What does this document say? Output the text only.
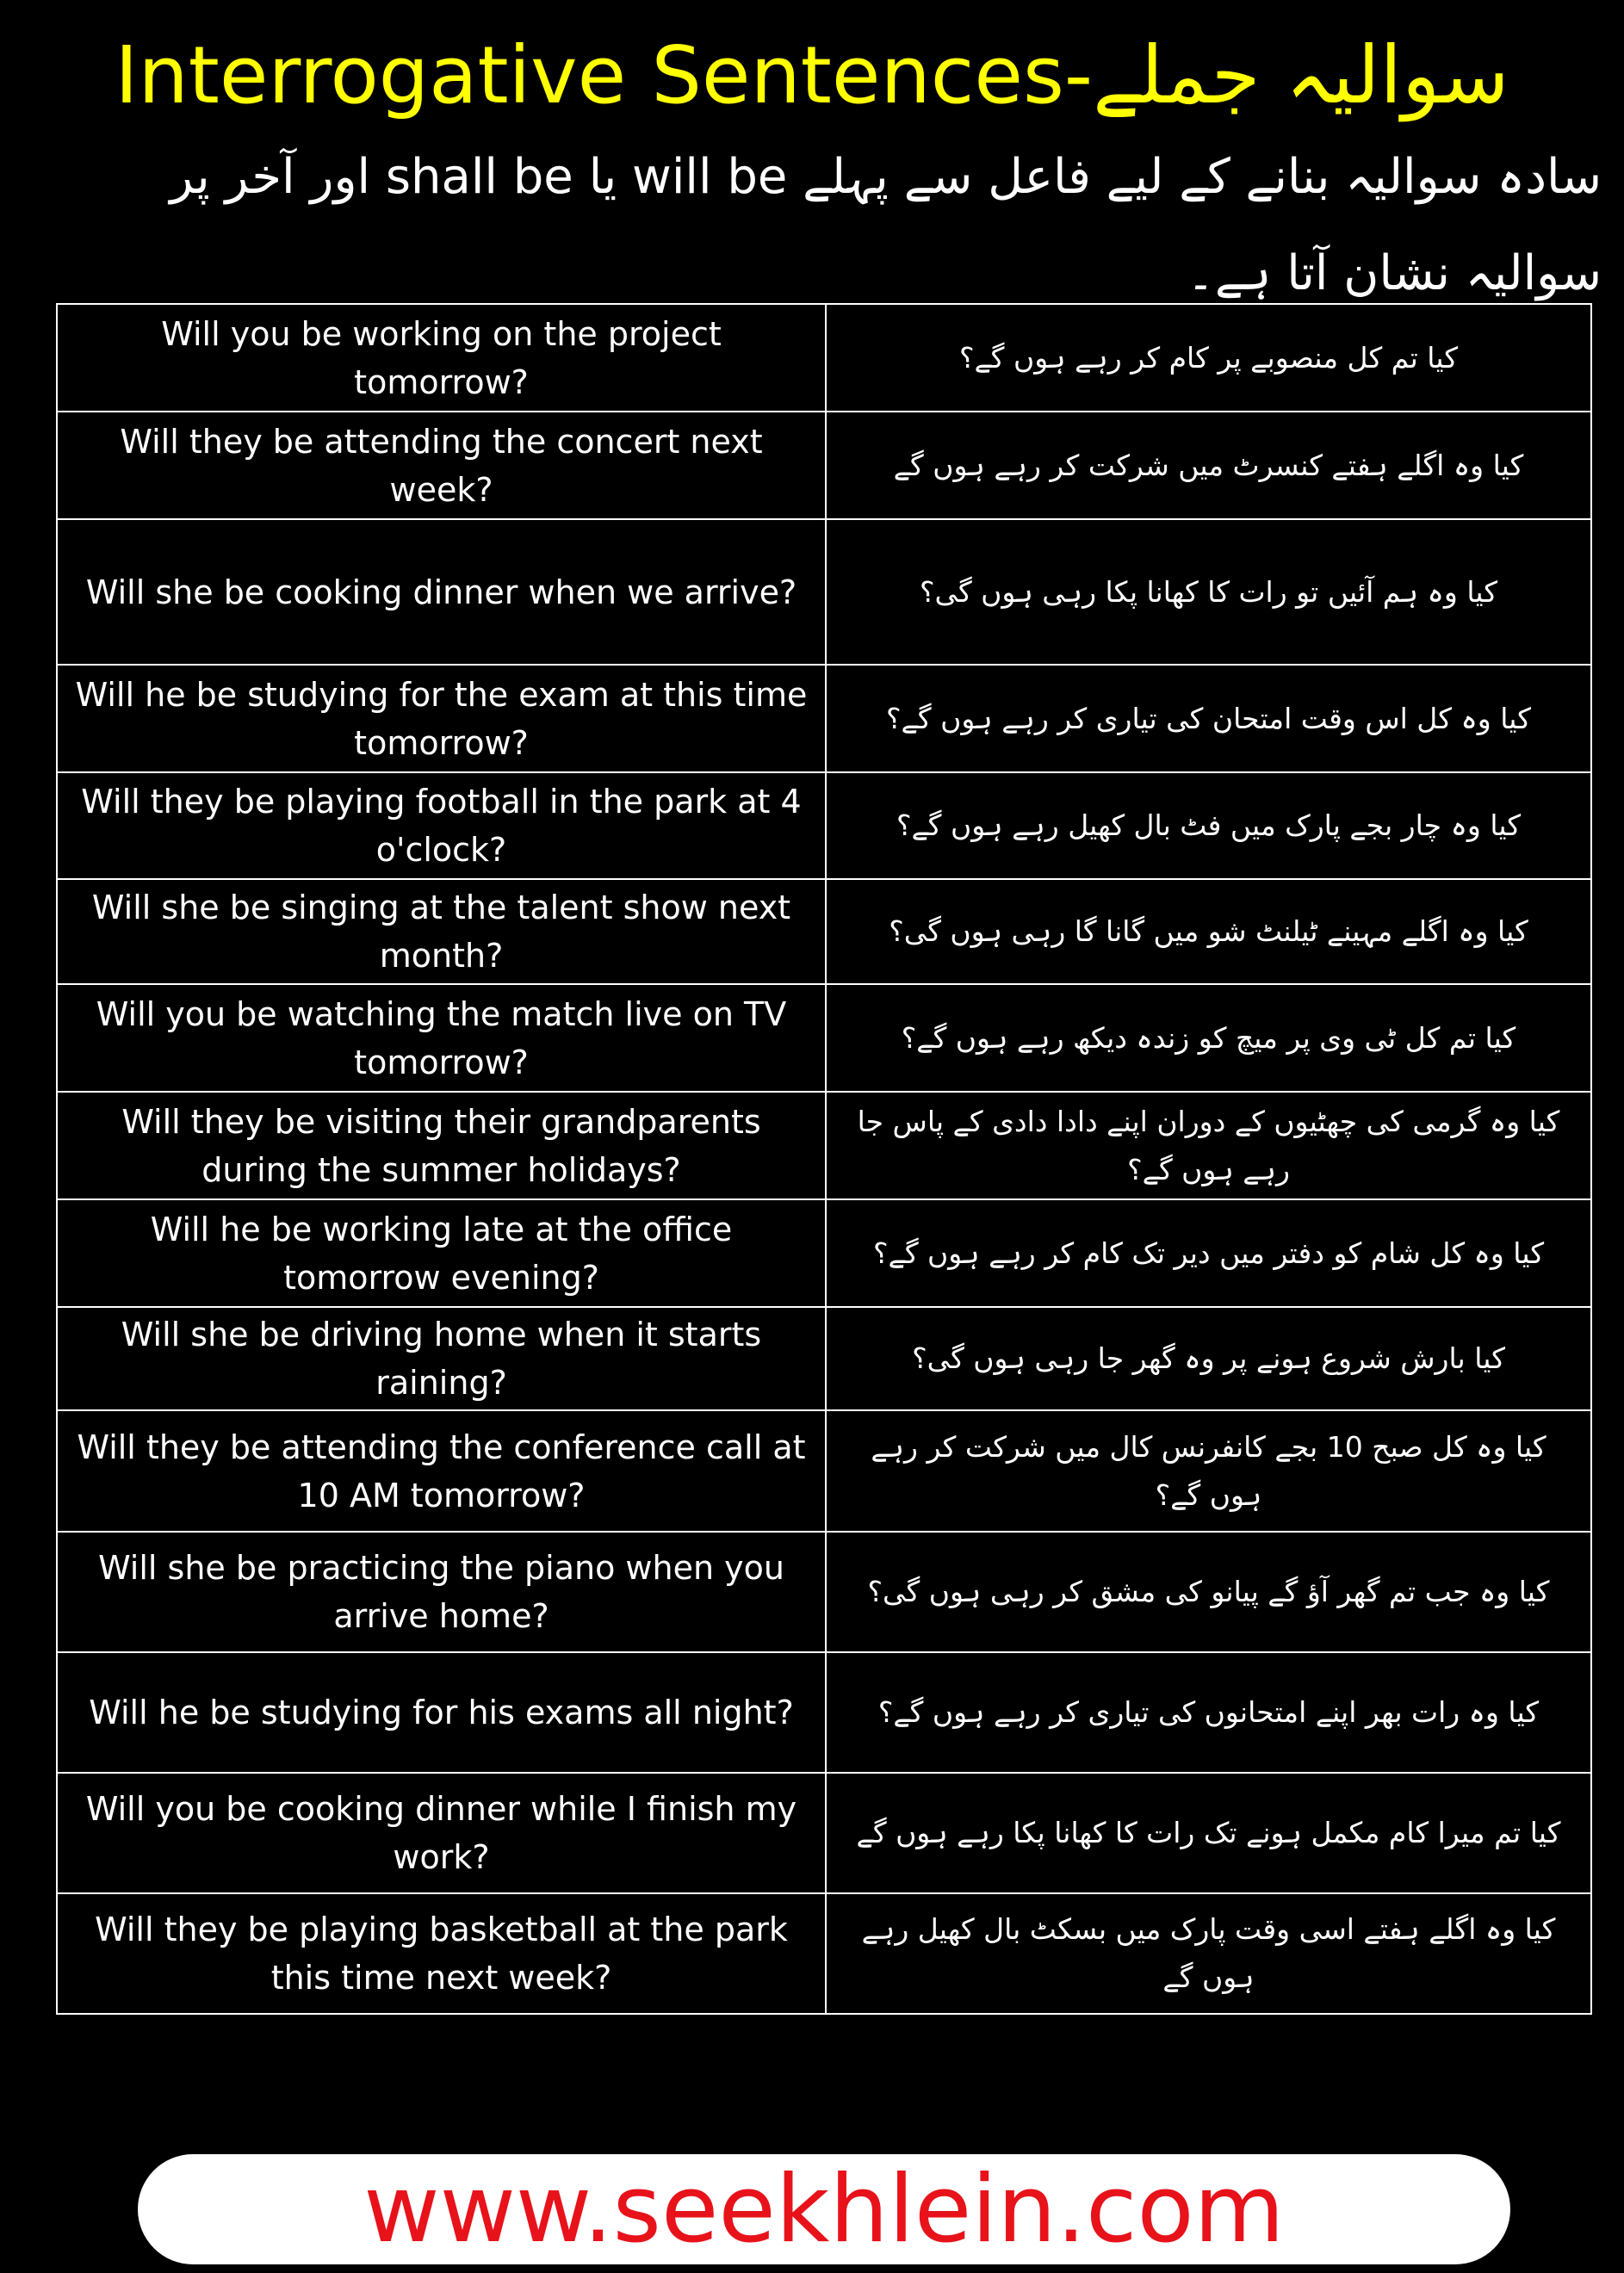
Interrogative Sentences-سوالیہ جملے
سادہ سوالیہ بنانے کے لیے فاعل سے پہلے will be یا shall be اور آخر پر سوالیہ نشان آتا ہے۔
Will you be working on the project tomorrow?	کیا تم کل منصوبے پر کام کر رہے ہوں گے؟
Will they be attending the concert next week?	کیا وہ اگلے ہفتے کنسرٹ میں شرکت کر رہے ہوں گے
Will she be cooking dinner when we arrive?	کیا وہ ہم آئیں تو رات کا کھانا پکا رہی ہوں گی؟
Will he be studying for the exam at this time tomorrow?	کیا وہ کل اس وقت امتحان کی تیاری کر رہے ہوں گے؟
Will they be playing football in the park at 4 o'clock?	کیا وہ چار بجے پارک میں فٹ بال کھیل رہے ہوں گے؟
Will she be singing at the talent show next month?	کیا وہ اگلے مہینے ٹیلنٹ شو میں گانا گا رہی ہوں گی؟
Will you be watching the match live on TV tomorrow?	کیا تم کل ٹی وی پر میچ کو زندہ دیکھ رہے ہوں گے؟
Will they be visiting their grandparents during the summer holidays?	کیا وہ گرمی کی چھٹیوں کے دوران اپنے دادا دادی کے پاس جا رہے ہوں گے؟
Will he be working late at the office tomorrow evening?	کیا وہ کل شام کو دفتر میں دیر تک کام کر رہے ہوں گے؟
Will she be driving home when it starts raining?	کیا بارش شروع ہونے پر وہ گھر جا رہی ہوں گی؟
Will they be attending the conference call at 10 AM tomorrow?	کیا وہ کل صبح 10 بجے کانفرنس کال میں شرکت کر رہے ہوں گے؟
Will she be practicing the piano when you arrive home?	کیا وہ جب تم گھر آؤ گے پیانو کی مشق کر رہی ہوں گی؟
Will he be studying for his exams all night?	کیا وہ رات بھر اپنے امتحانوں کی تیاری کر رہے ہوں گے؟
Will you be cooking dinner while I finish my work?	کیا تم میرا کام مکمل ہونے تک رات کا کھانا پکا رہے ہوں گے
Will they be playing basketball at the park this time next week?	کیا وہ اگلے ہفتے اسی وقت پارک میں بسکٹ بال کھیل رہے ہوں گے
www.seekhlein.com
